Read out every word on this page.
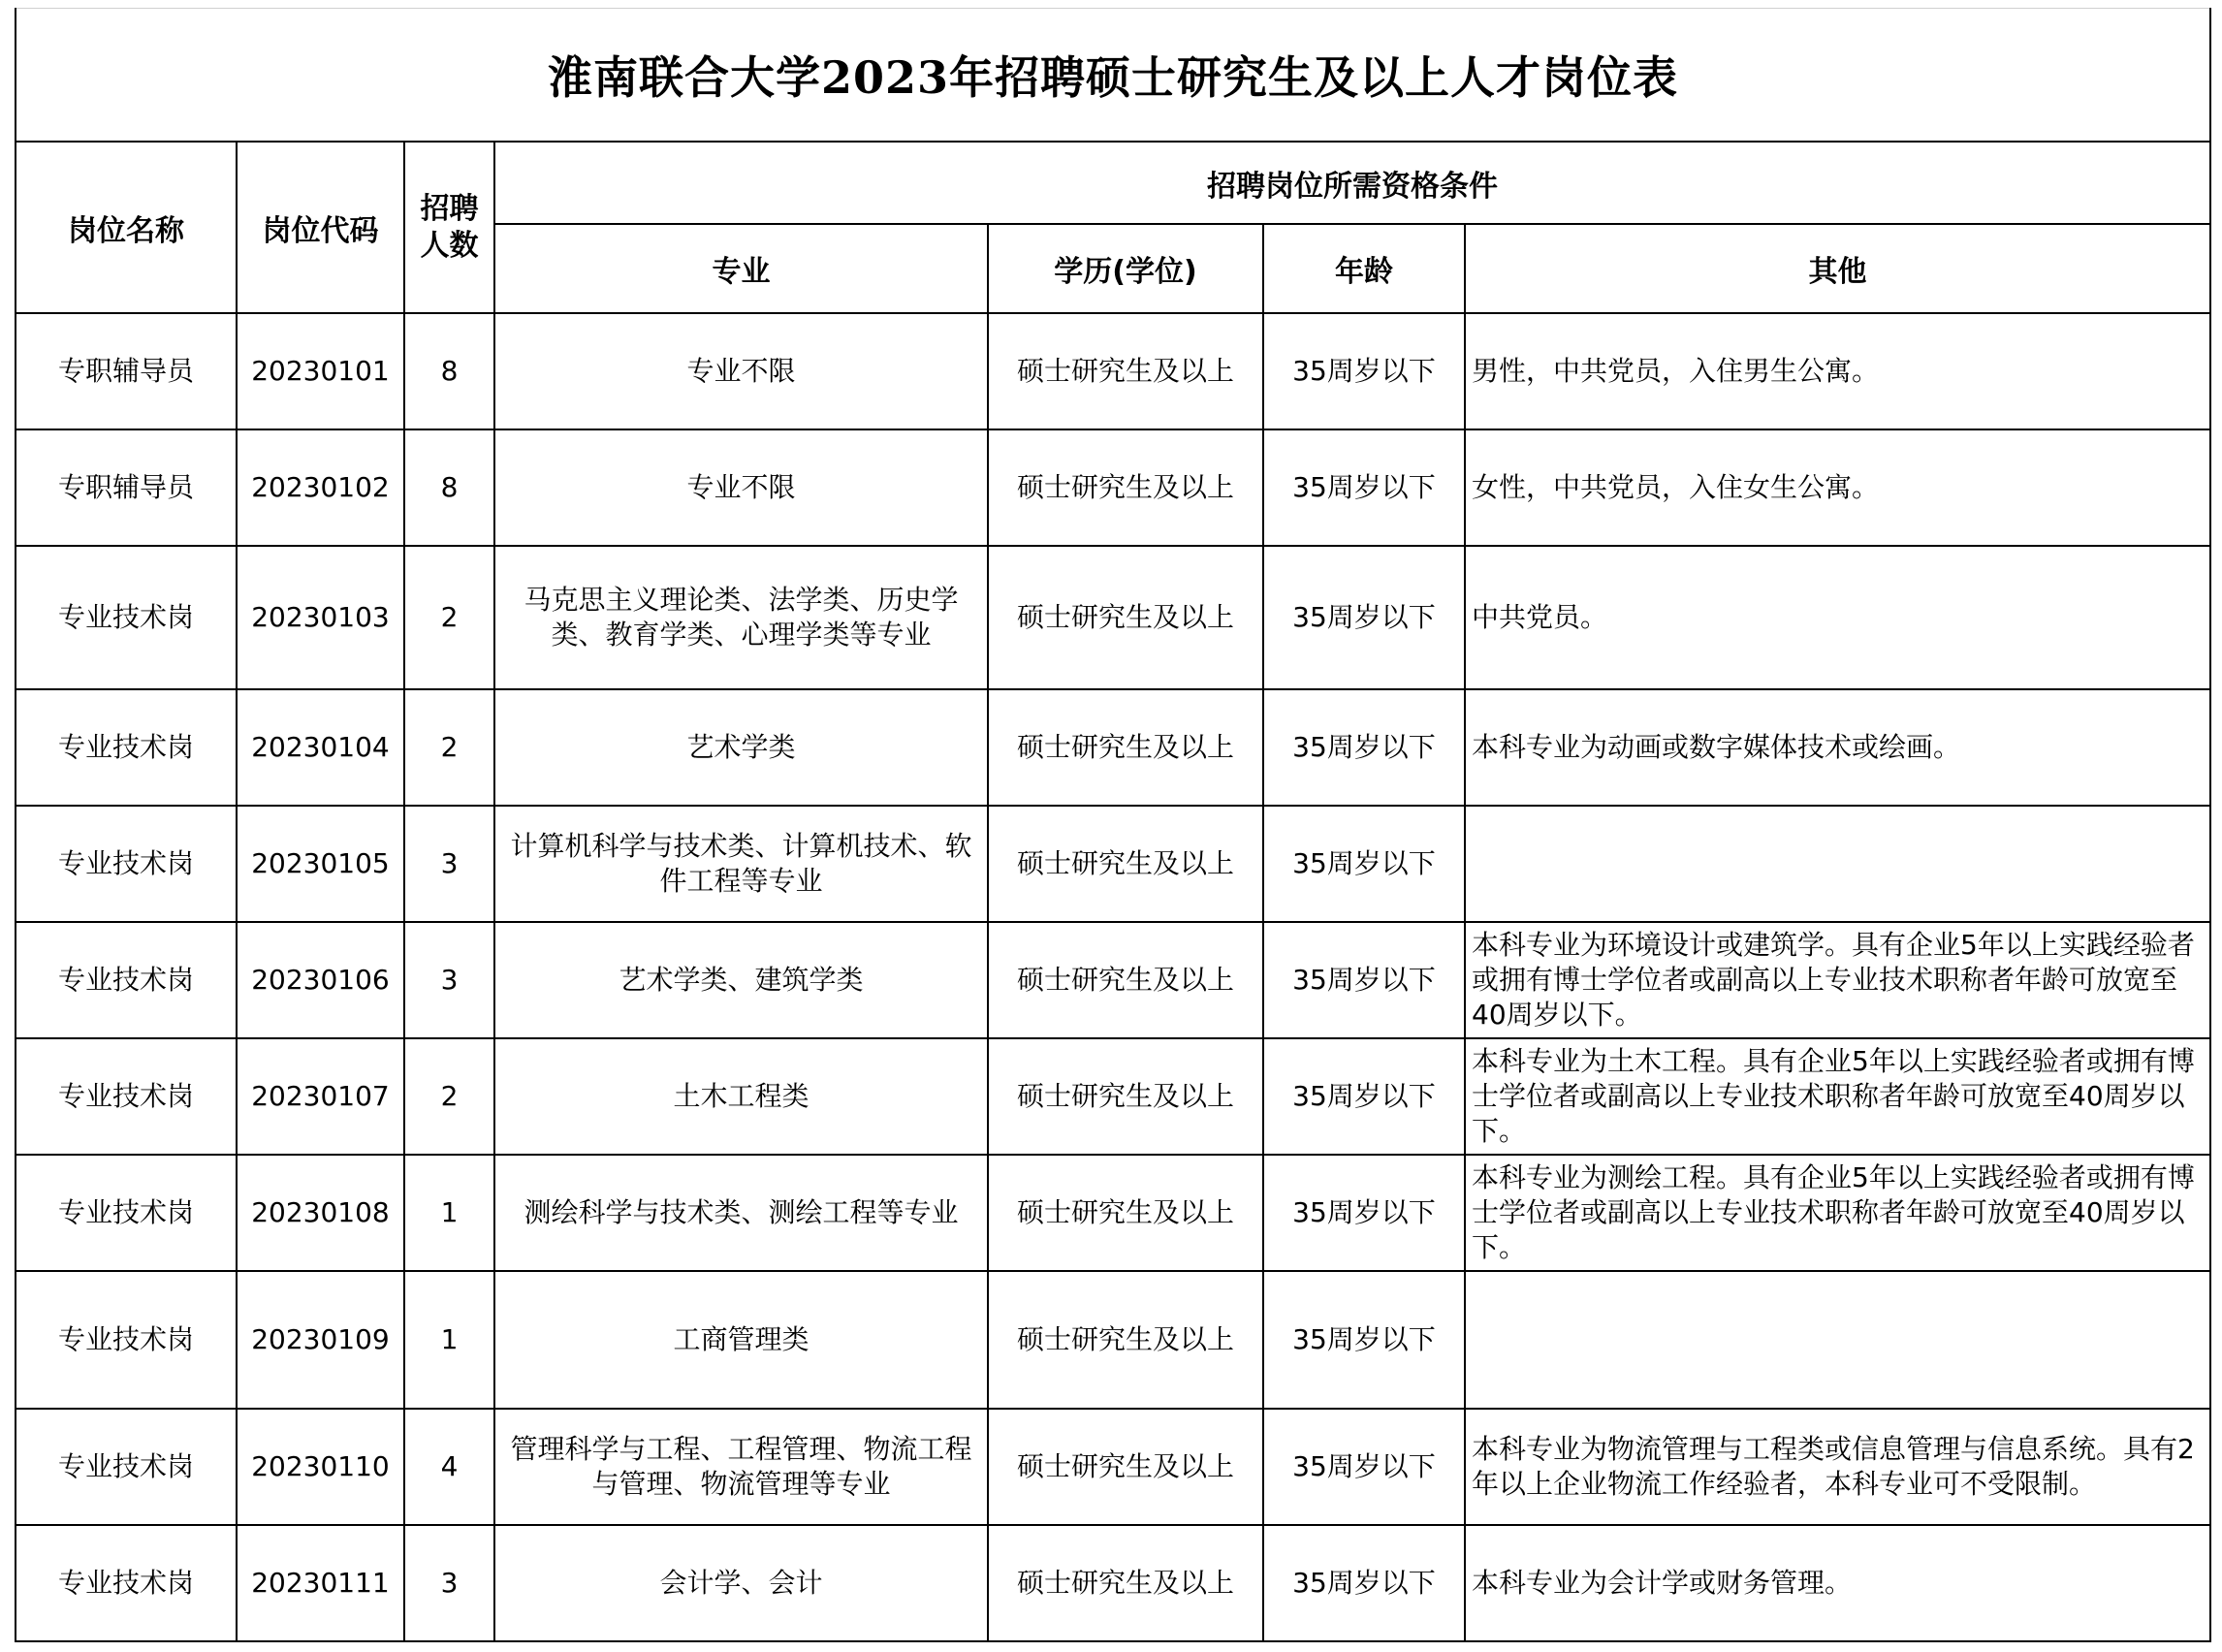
淮南联合大学2023年招聘硕士研究生及以上人才岗位表
岗位名称	岗位代码	招聘
人数	招聘岗位所需资格条件			
			专业	学历(学位)	年龄	其他
专职辅导员	20230101	8	专业不限	硕士研究生及以上	35周岁以下	男性，中共党员，入住男生公寓。
专职辅导员	20230102	8	专业不限	硕士研究生及以上	35周岁以下	女性，中共党员，入住女生公寓。
专业技术岗	20230103	2	马克思主义理论类、法学类、历史学类、教育学类、心理学类等专业	硕士研究生及以上	35周岁以下	中共党员。
专业技术岗	20230104	2	艺术学类	硕士研究生及以上	35周岁以下	本科专业为动画或数字媒体技术或绘画。
专业技术岗	20230105	3	计算机科学与技术类、计算机技术、软件工程等专业	硕士研究生及以上	35周岁以下	
专业技术岗	20230106	3	艺术学类、建筑学类	硕士研究生及以上	35周岁以下	本科专业为环境设计或建筑学。具有企业5年以上实践经验者或拥有博士学位者或副高以上专业技术职称者年龄可放宽至40周岁以下。
专业技术岗	20230107	2	土木工程类	硕士研究生及以上	35周岁以下	本科专业为土木工程。具有企业5年以上实践经验者或拥有博士学位者或副高以上专业技术职称者年龄可放宽至40周岁以下。
专业技术岗	20230108	1	测绘科学与技术类、测绘工程等专业	硕士研究生及以上	35周岁以下	本科专业为测绘工程。具有企业5年以上实践经验者或拥有博士学位者或副高以上专业技术职称者年龄可放宽至40周岁以下。
专业技术岗	20230109	1	工商管理类	硕士研究生及以上	35周岁以下	
专业技术岗	20230110	4	管理科学与工程、工程管理、物流工程与管理、物流管理等专业	硕士研究生及以上	35周岁以下	本科专业为物流管理与工程类或信息管理与信息系统。具有2年以上企业物流工作经验者，本科专业可不受限制。
专业技术岗	20230111	3	会计学、会计	硕士研究生及以上	35周岁以下	本科专业为会计学或财务管理。
